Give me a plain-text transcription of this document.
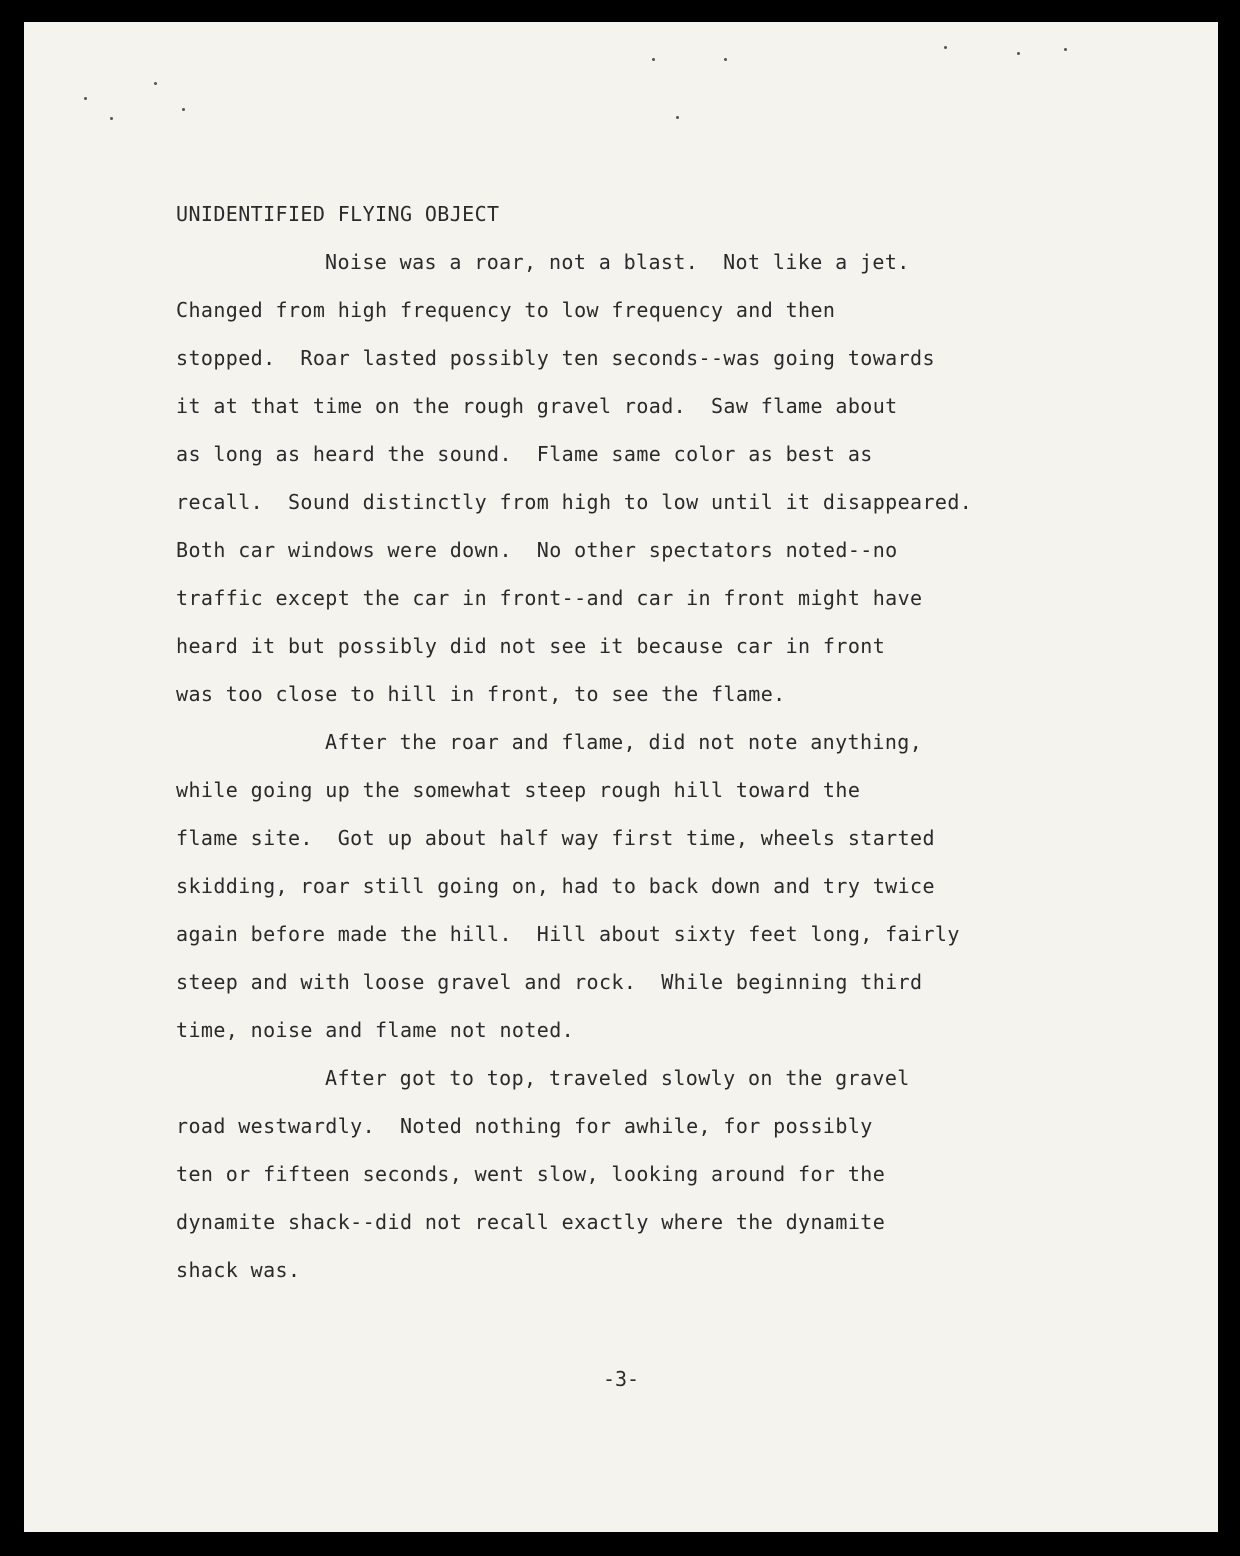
UNIDENTIFIED FLYING OBJECT
Noise was a roar, not a blast.  Not like a jet.
Changed from high frequency to low frequency and then
stopped.  Roar lasted possibly ten seconds--was going towards
it at that time on the rough gravel road.  Saw flame about
as long as heard the sound.  Flame same color as best as
recall.  Sound distinctly from high to low until it disappeared.
Both car windows were down.  No other spectators noted--no
traffic except the car in front--and car in front might have
heard it but possibly did not see it because car in front
was too close to hill in front, to see the flame.
After the roar and flame, did not note anything,
while going up the somewhat steep rough hill toward the
flame site.  Got up about half way first time, wheels started
skidding, roar still going on, had to back down and try twice
again before made the hill.  Hill about sixty feet long, fairly
steep and with loose gravel and rock.  While beginning third
time, noise and flame not noted.
After got to top, traveled slowly on the gravel
road westwardly.  Noted nothing for awhile, for possibly
ten or fifteen seconds, went slow, looking around for the
dynamite shack--did not recall exactly where the dynamite
shack was.
-3-
